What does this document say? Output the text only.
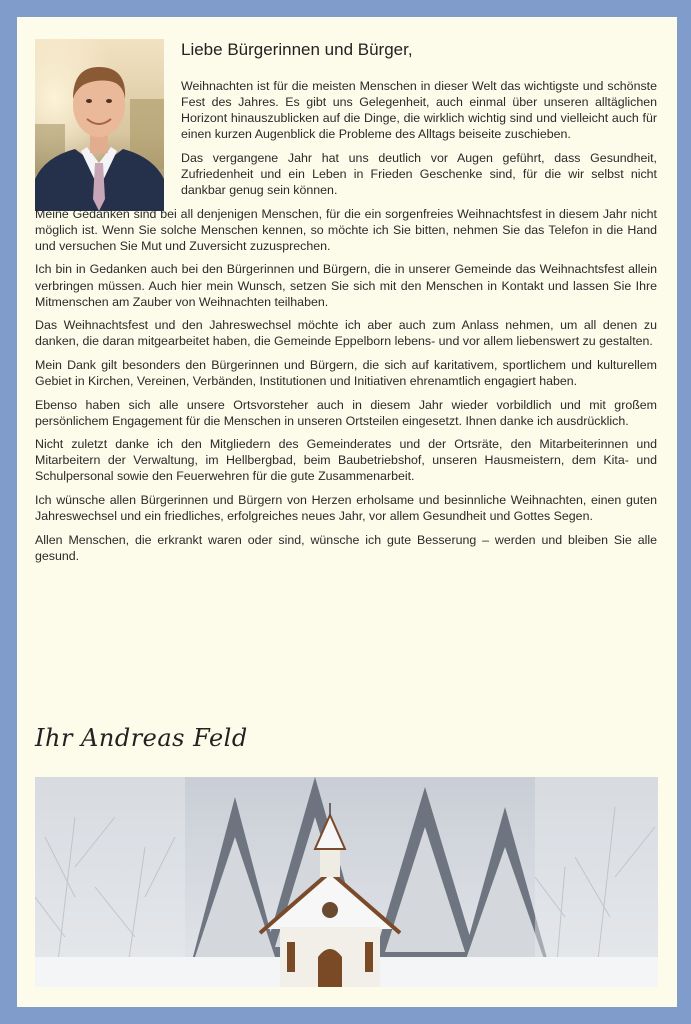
Liebe Bürgerinnen und Bürger,

Weihnachten ist für die meisten Menschen in dieser Welt das wichtigste und schönste Fest des Jahres. Es gibt uns Gelegenheit, auch einmal über unseren alltäglichen Horizont hinauszublicken auf die Dinge, die wirklich wichtig sind und vielleicht auch für einen kurzen Augenblick die Probleme des Alltags beiseite zuschieben.

Das vergangene Jahr hat uns deutlich vor Augen geführt, dass Gesundheit, Zufriedenheit und ein Leben in Frieden Geschenke sind, für die wir selbst nicht dankbar genug sein können.

Meine Gedanken sind bei all denjenigen Menschen, für die ein sorgenfreies Weihnachtsfest in diesem Jahr nicht möglich ist. Wenn Sie solche Menschen kennen, so möchte ich Sie bitten, nehmen Sie das Telefon in die Hand und versuchen Sie Mut und Zuversicht zuzusprechen.

Ich bin in Gedanken auch bei den Bürgerinnen und Bürgern, die in unserer Gemeinde das Weihnachtsfest allein verbringen müssen. Auch hier mein Wunsch, setzen Sie sich mit den Menschen in Kontakt und lassen Sie Ihre Mitmenschen am Zauber von Weihnachten teilhaben.

Das Weihnachtsfest und den Jahreswechsel möchte ich aber auch zum Anlass nehmen, um all denen zu danken, die daran mitgearbeitet haben, die Gemeinde Eppelborn lebens- und vor allem liebenswert zu gestalten.

Mein Dank gilt besonders den Bürgerinnen und Bürgern, die sich auf karitativem, sportlichem und kulturellem Gebiet in Kirchen, Vereinen, Verbänden, Institutionen und Initiativen ehrenamtlich engagiert haben.

Ebenso haben sich alle unsere Ortsvorsteher auch in diesem Jahr wieder vorbildlich und mit großem persönlichem Engagement für die Menschen in unseren Ortsteilen eingesetzt. Ihnen danke ich ausdrücklich.

Nicht zuletzt danke ich den Mitgliedern des Gemeinderates und der Ortsräte, den Mitarbeiterinnen und Mitarbeitern der Verwaltung, im Hellbergbad, beim Baubetriebshof, unseren Hausmeistern, dem Kita- und Schulpersonal sowie den Feuerwehren für die gute Zusammenarbeit.

Ich wünsche allen Bürgerinnen und Bürgern von Herzen erholsame und besinnliche Weihnachten, einen guten Jahreswechsel und ein friedliches, erfolgreiches neues Jahr, vor allem Gesundheit und Gottes Segen.

Allen Menschen, die erkrankt waren oder sind, wünsche ich gute Besserung – werden und bleiben Sie alle gesund.

Ihr Andreas Feld
